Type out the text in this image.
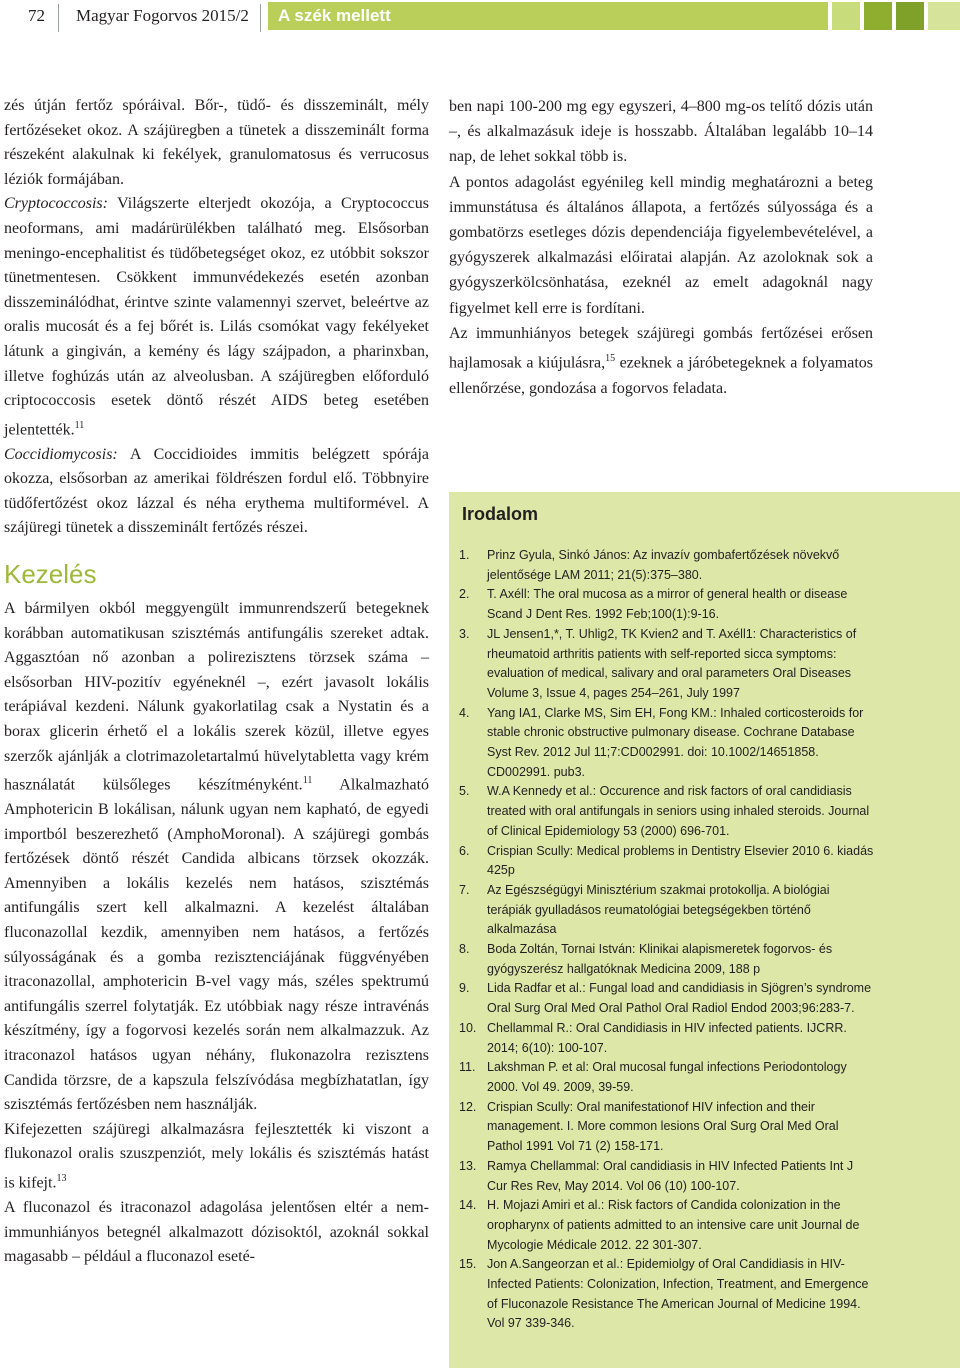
72 Magyar Fogorvos 2015/2	A szék mellett

zés útján fertőz spóráival. Bőr-, tüdő- és disszeminált, mély fertőzéseket okoz. A szájüregben a tünetek a disszeminált forma részeként alakulnak ki fekélyek, granulomatosus és verrucosus léziók formájában.

Cryptococcosis: Világszerte elterjedt okozója, a Cryptococcus neoformans, ami madárürülékben található meg. Elsősorban meningo-encephalitist és tüdőbetegséget okoz, ez utóbbit sokszor tünetmentesen. Csökkent immunvédekezés esetén azonban disszeminálódhat, érintve szinte valamennyi szervet, beleértve az oralis mucosát és a fej bőrét is. Lilás csomókat vagy fekélyeket látunk a gingiván, a kemény és lágy szájpadon, a pharinxban, illetve foghúzás után az alveolusban. A szájüregben előforduló criptococcosis esetek döntő részét AIDS beteg esetében jelentették.$^{11}$

Coccidiomycosis: A Coccidioides immitis belégzett spórája okozza, elsősorban az amerikai földrészen fordul elő. Többnyire tüdőfertőzést okoz lázzal és néha erythema multiformével. A szájüregi tünetek a disszeminált fertőzés részei.

Kezelés

A bármilyen okból meggyengült immunrendszerű betegeknek korábban automatikusan szisztémás antifungális szereket adtak. Aggasztóan nő azonban a polirezisztens törzsek száma – elsősorban HIV-pozitív egyéneknél –, ezért javasolt lokális terápiával kezdeni. Nálunk gyakorlatilag csak a Nystatin és a borax glicerin érhető el a lokális szerek közül, illetve egyes szerzők ajánlják a clotrimazoletartalmú hüvelytabletta vagy krém használatát külsőleges készítményként.$^{11}$ Alkalmazható Amphotericin B lokálisan, nálunk ugyan nem kapható, de egyedi importból beszerezhető (AmphoMoronal). A szájüregi gombás fertőzések döntő részét Candida albicans törzsek okozzák. Amennyiben a lokális kezelés nem hatásos, szisztémás antifungális szert kell alkalmazni. A kezelést általában fluconazollal kezdik, amennyiben nem hatásos, a fertőzés súlyosságának és a gomba rezisztenciájának függvényében itraconazollal, amphotericin B-vel vagy más, széles spektrumú antifungális szerrel folytatják. Ez utóbbiak nagy része intravénás készítmény, így a fogorvosi kezelés során nem alkalmazzuk. Az itraconazol hatásos ugyan néhány, flukonazolra rezisztens Candida törzsre, de a kapszula felszívódása megbízhatatlan, így szisztémás fertőzésben nem használják.

Kifejezetten szájüregi alkalmazásra fejlesztették ki viszont a flukonazol oralis szuszpenziót, mely lokális és szisztémás hatást is kifejt.$^{13}$

A fluconazol és itraconazol adagolása jelentősen eltér a nem-immunhiányos betegnél alkalmazott dózisoktól, azoknál sokkal magasabb – például a fluconazol eseté-

ben napi 100-200 mg egy egyszeri, 4–800 mg-os telítő dózis után –, és alkalmazásuk ideje is hosszabb. Általában legalább 10–14 nap, de lehet sokkal több is.

A pontos adagolást egyénileg kell mindig meghatározni a beteg immunstátusa és általános állapota, a fertőzés súlyossága és a gombatörzs esetleges dózis dependenciája figyelembevételével, a gyógyszerek alkalmazási előiratai alapján. Az azoloknak sok a gyógyszerkölcsönhatása, ezeknél az emelt adagoknál nagy figyelmet kell erre is fordítani.

Az immunhiányos betegek szájüregi gombás fertőzései erősen hajlamosak a kiújulásra,$^{15}$ ezeknek a járóbetegeknek a folyamatos ellenőrzése, gondozása a fogorvos feladata.

Irodalom
1.	Prinz Gyula, Sinkó János: Az invazív gombafertőzések növekvő jelentősége LAM 2011; 21(5):375–380.
2.	T. Axéll: The oral mucosa as a mirror of general health or disease Scand J Dent Res. 1992 Feb;100(1):9-16.
3.	JL Jensen1,*, T. Uhlig2, TK Kvien2 and T. Axéll1: Characteristics of rheumatoid arthritis patients with self-reported sicca symptoms: evaluation of medical, salivary and oral parameters Oral Diseases Volume 3, Issue 4, pages 254–261, July 1997
4.	Yang IA1, Clarke MS, Sim EH, Fong KM.: Inhaled corticosteroids for stable chronic obstructive pulmonary disease. Cochrane Database Syst Rev. 2012 Jul 11;7:CD002991. doi: 10.1002/14651858. CD002991. pub3.
5.	W.A Kennedy et al.: Occurence and risk factors of oral candidiasis treated with oral antifungals in seniors using inhaled steroids. Journal of Clinical Epidemiology 53 (2000) 696-701.
6.	Crispian Scully: Medical problems in Dentistry Elsevier 2010 6. kiadás 425p
7.	Az Egészségügyi Minisztérium szakmai protokollja. A biológiai terápiák gyulladásos reumatológiai betegségekben történő alkalmazása
8.	Boda Zoltán, Tornai István: Klinikai alapismeretek fogorvos- és gyógyszerész hallgatóknak Medicina 2009, 188 p
9.	Lida Radfar et al.: Fungal load and candidiasis in Sjögren’s syndrome Oral Surg Oral Med Oral Pathol Oral Radiol Endod 2003;96:283-7.
10. Chellammal R.: Oral Candidiasis in HIV infected patients. IJCRR. 2014; 6(10): 100-107.
11. Lakshman P. et al: Oral mucosal fungal infections Periodontology 2000. Vol 49. 2009, 39-59.
12. Crispian Scully: Oral manifestationof HIV infection and their management. I. More common lesions Oral Surg Oral Med Oral Pathol 1991 Vol 71 (2) 158-171.
13. Ramya Chellammal: Oral candidiasis in HIV Infected Patients Int J Cur Res Rev, May 2014. Vol 06 (10) 100-107.
14. H. Mojazi Amiri et al.: Risk factors of Candida colonization in the oropharynx of patients admitted to an intensive care unit Journal de Mycologie Médicale 2012. 22 301-307.
15. Jon A.Sangeorzan et al.: Epidemiolgy of Oral Candidiasis in HIV-Infected Patients: Colonization, Infection, Treatment, and Emergence of Fluconazole Resistance The American Journal of Medicine 1994. Vol 97 339-346.
